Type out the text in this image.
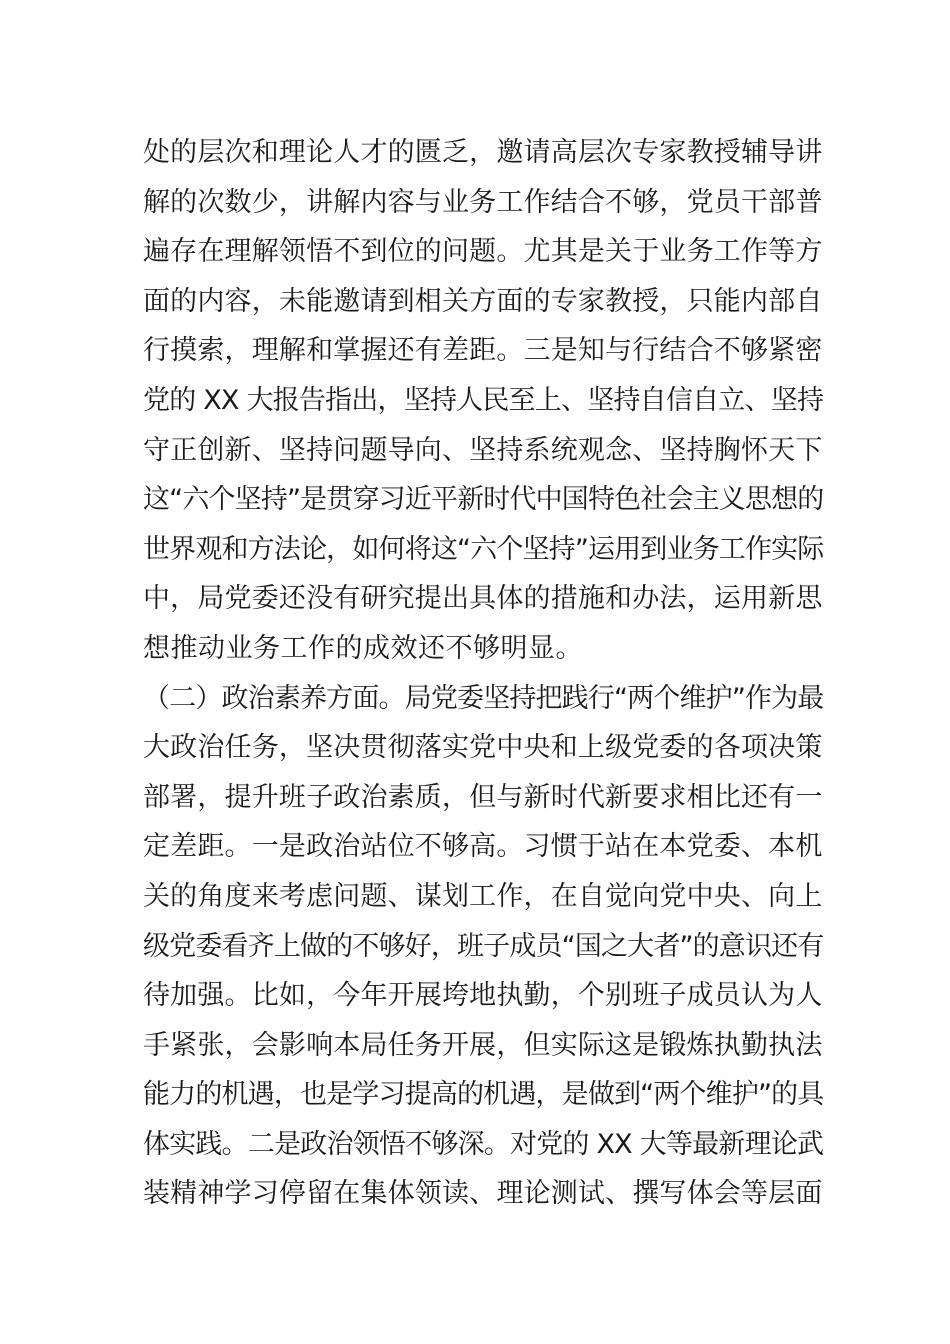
处的层次和理论人才的匮乏，邀请高层次专家教授辅导讲
解的次数少，讲解内容与业务工作结合不够，党员干部普
遍存在理解领悟不到位的问题。尤其是关于业务工作等方
面的内容，未能邀请到相关方面的专家教授，只能内部自
行摸索，理解和掌握还有差距。三是知与行结合不够紧密
党的 XX 大报告指出，坚持人民至上、坚持自信自立、坚持
守正创新、坚持问题导向、坚持系统观念、坚持胸怀天下
这“六个坚持”是贯穿习近平新时代中国特色社会主义思想的
世界观和方法论，如何将这“六个坚持”运用到业务工作实际
中，局党委还没有研究提出具体的措施和办法，运用新思
想推动业务工作的成效还不够明显。
（二）政治素养方面。局党委坚持把践行“两个维护”作为最
大政治任务，坚决贯彻落实党中央和上级党委的各项决策
部署，提升班子政治素质，但与新时代新要求相比还有一
定差距。一是政治站位不够高。习惯于站在本党委、本机
关的角度来考虑问题、谋划工作，在自觉向党中央、向上
级党委看齐上做的不够好，班子成员“国之大者”的意识还有
待加强。比如，今年开展垮地执勤，个别班子成员认为人
手紧张，会影响本局任务开展，但实际这是锻炼执勤执法
能力的机遇，也是学习提高的机遇，是做到“两个维护”的具
体实践。二是政治领悟不够深。对党的 XX 大等最新理论武
装精神学习停留在集体领读、理论测试、撰写体会等层面
